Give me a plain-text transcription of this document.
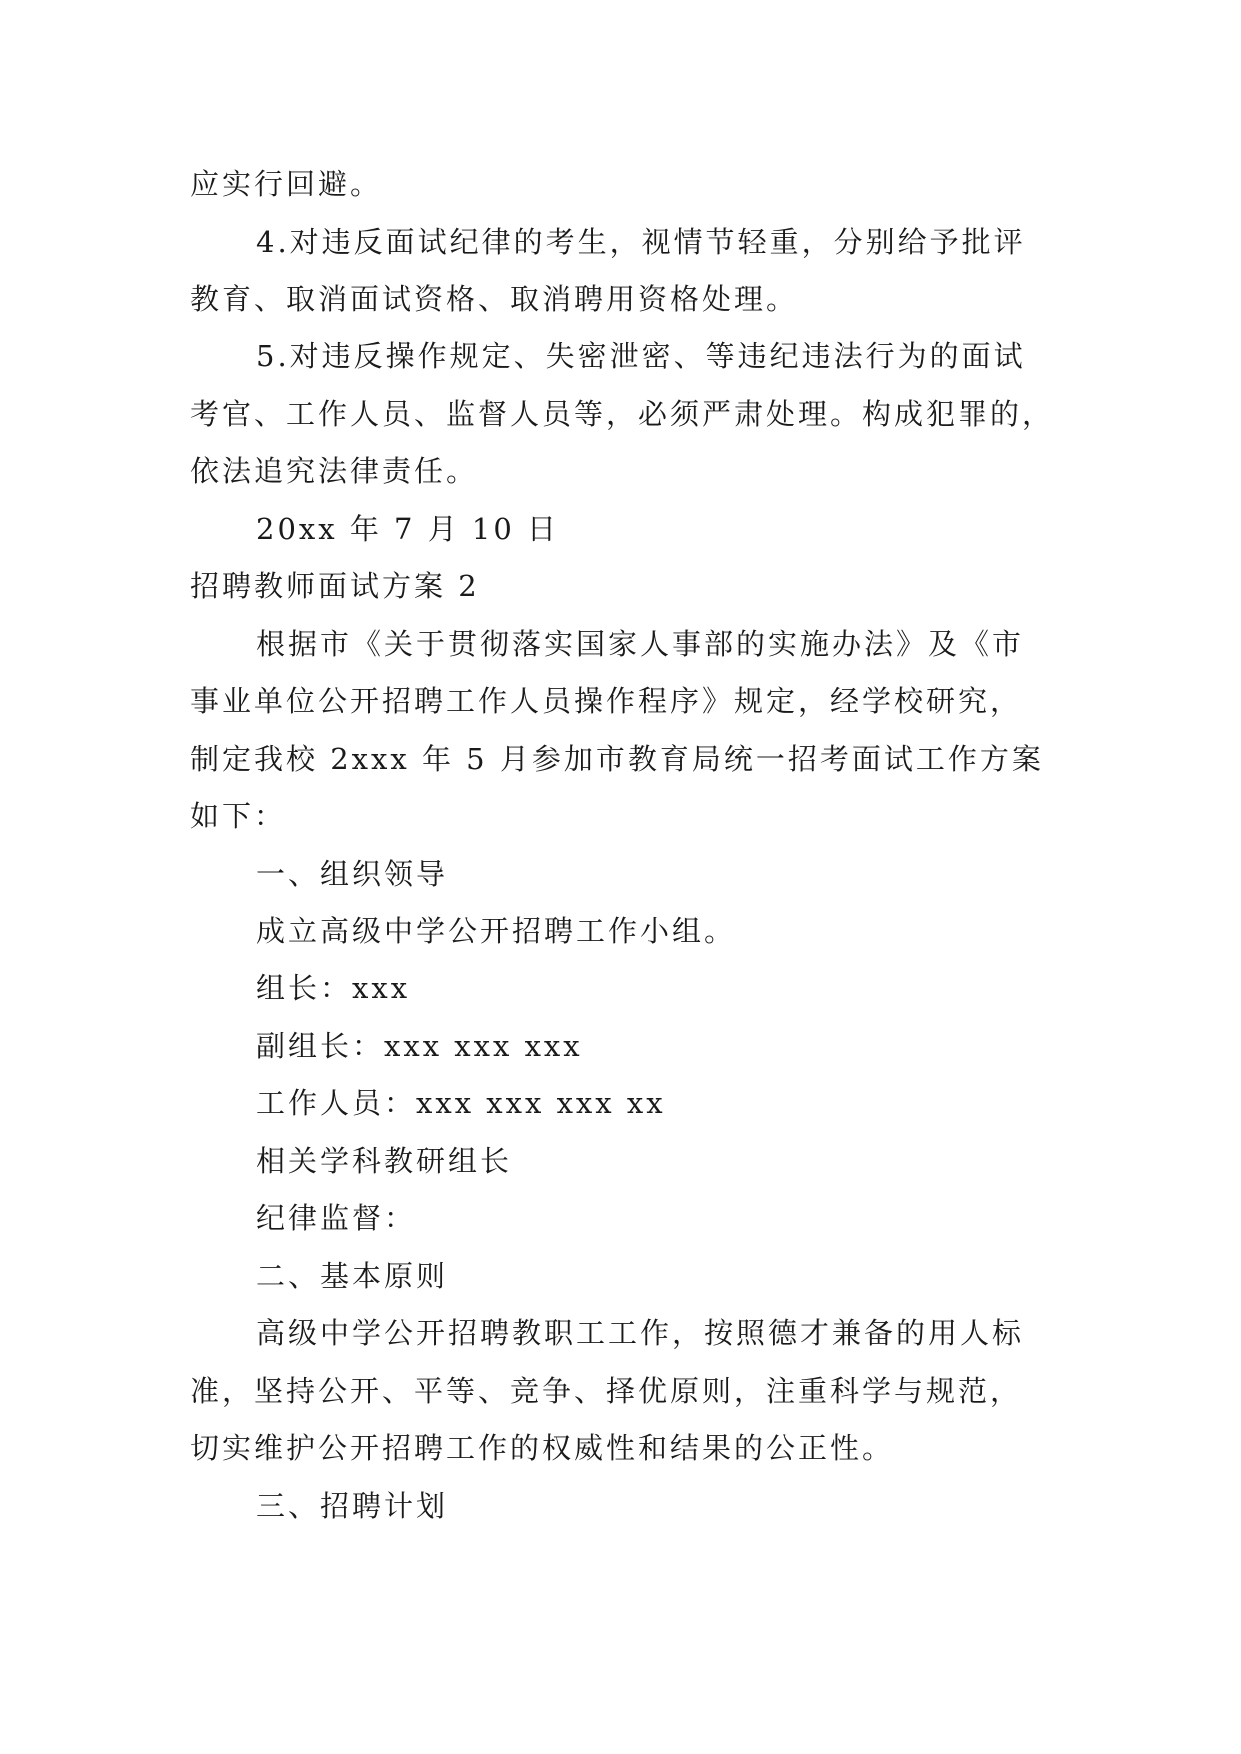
应实行回避。
4.对违反面试纪律的考生，视情节轻重，分别给予批评
教育、取消面试资格、取消聘用资格处理。
5.对违反操作规定、失密泄密、等违纪违法行为的面试
考官、工作人员、监督人员等，必须严肃处理。构成犯罪的，
依法追究法律责任。
20xx 年 7 月 10 日
招聘教师面试方案 2
根据市《关于贯彻落实国家人事部的实施办法》及《市
事业单位公开招聘工作人员操作程序》规定，经学校研究，
制定我校 2xxx 年 5 月参加市教育局统一招考面试工作方案
如下：
一、组织领导
成立高级中学公开招聘工作小组。
组长：xxx
副组长：xxx xxx xxx
工作人员：xxx xxx xxx xx
相关学科教研组长
纪律监督：
二、基本原则
高级中学公开招聘教职工工作，按照德才兼备的用人标
准，坚持公开、平等、竞争、择优原则，注重科学与规范，
切实维护公开招聘工作的权威性和结果的公正性。
三、招聘计划
